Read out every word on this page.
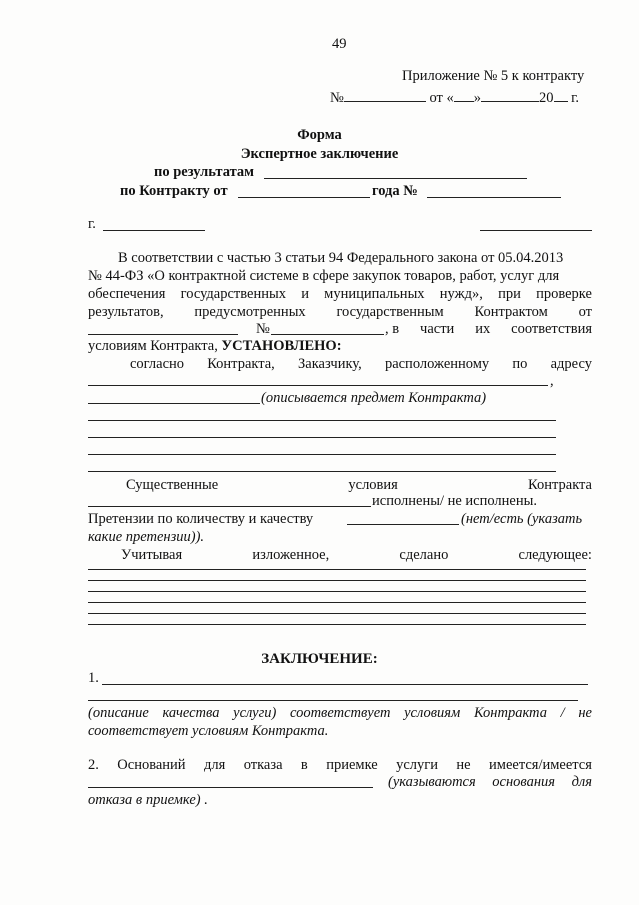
49
Приложение № 5 к контракту
№	от « »	20 г.
Форма
Экспертное заключение
по результатам
по Контракту от	года №
г.
В соответствии с частью 3 статьи 94 Федерального закона от 05.04.2013
№ 44-ФЗ «О контрактной системе в сфере закупок товаров, работ, услуг для
обеспечения государственных и муниципальных нужд», при проверке
результатов, предусмотренных государственным Контрактом от
№	, в части их соответствия
условиям Контракта, УСТАНОВЛЕНО:
согласно Контракта, Заказчику, расположенному по адресу
,
(описывается предмет Контракта)
Существенные	условия	Контракта
исполнены/ не исполнены.
Претензии по количеству и качеству	(нет/есть (указать
какие претензии)).
Учитывая	изложенное,	сделано	следующее:
ЗАКЛЮЧЕНИЕ:
1.
(описание качества услуги) соответствует условиям Контракта / не
соответствует условиям Контракта.
2. Оснований для отказа в приемке услуги не имеется/имеется
(указываются основания для
отказа в приемке) .
